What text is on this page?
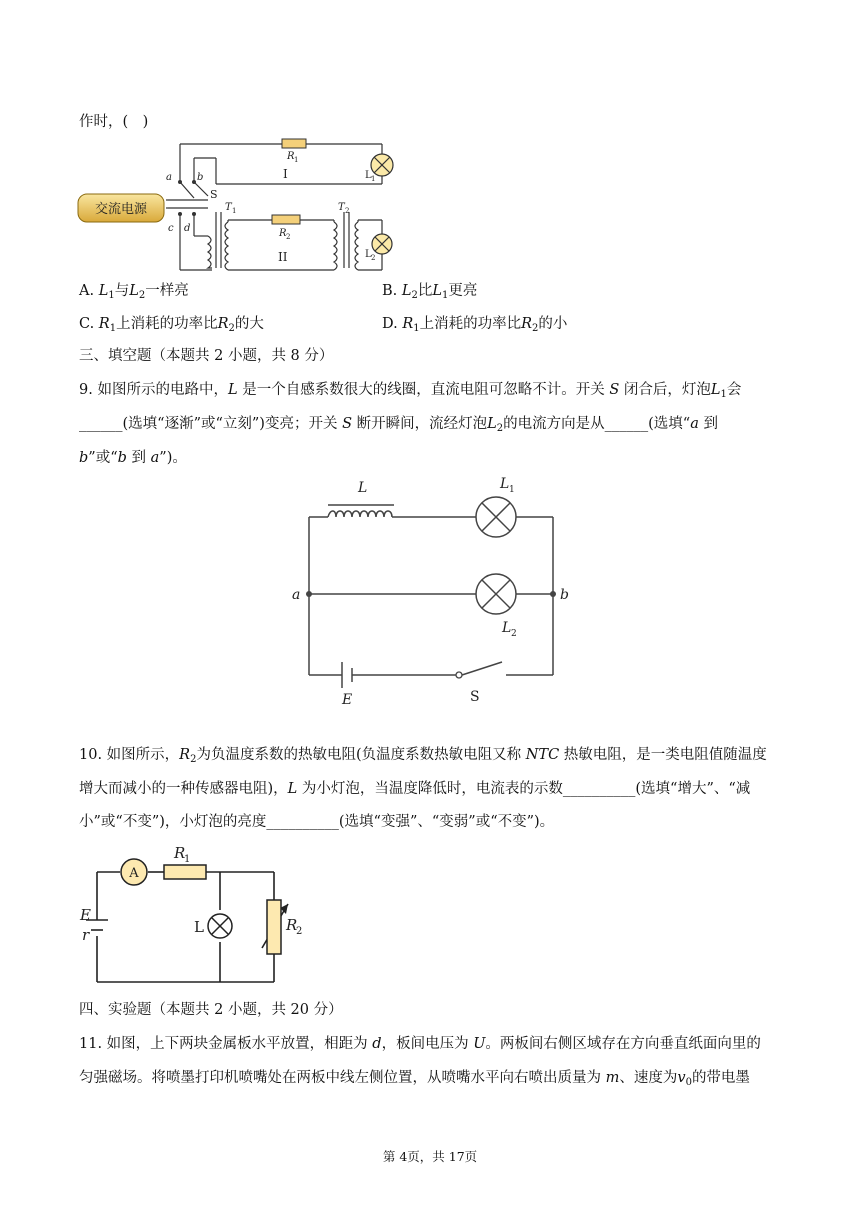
作时，(　)
交流电源
R 1
R 2
L 1
L 2
T 1	T 2
S
a	b
c d
I
II
A. $L_1$与$L_2$一样亮	B. $L_2$比$L_1$更亮
C. $R_1$上消耗的功率比$R_2$的大	D. $R_1$上消耗的功率比$R_2$的小
三、填空题（本题共 2 小题，共 8 分）
9. 如图所示的电路中，L 是一个自感系数很大的线圈，直流电阻可忽略不计。开关 S 闭合后，灯泡$L_1$会
______(选填“逐渐”或“立刻”)变亮；开关 S 断开瞬间，流经灯泡$L_2$的电流方向是从______(选填“a 到
b”或“b 到 a”)。
L	L 1
L 2
a	b
E	S
10. 如图所示，$R_2$为负温度系数的热敏电阻(负温度系数热敏电阻又称 NTC 热敏电阻，是一类电阻值随温度
增大而减小的一种传感器电阻)，L 为小灯泡，当温度降低时，电流表的示数__________(选填“增大”、“减
小”或“不变”)，小灯泡的亮度__________(选填“变强”、“变弱”或“不变”)。
A
R
1
R
2
L
E
r
四、实验题（本题共 2 小题，共 20 分）
11. 如图，上下两块金属板水平放置，相距为 d，板间电压为 U。两板间右侧区域存在方向垂直纸面向里的
匀强磁场。将喷墨打印机喷嘴处在两板中线左侧位置，从喷嘴水平向右喷出质量为 m、速度为$v_0$的带电墨
第 4页，共 17页
